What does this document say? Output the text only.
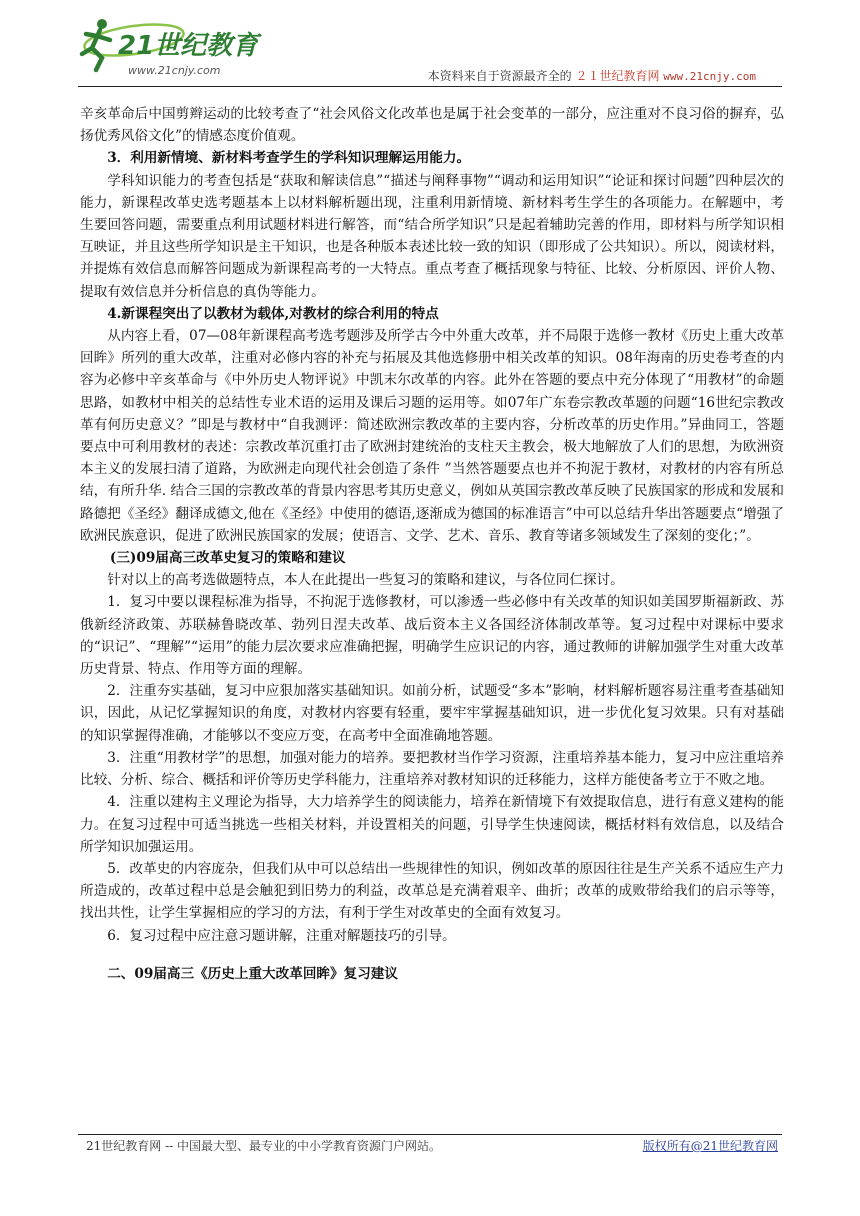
21世纪教育
www.21cnjy.com	本资料来自于资源最齐全的 ２１世纪教育网 www.21cnjy.com

辛亥革命后中国剪辫运动的比较考查了“社会风俗文化改革也是属于社会变革的一部分，应注重对不良习俗的摒弃，弘扬优秀风俗文化”的情感态度价值观。

3．利用新情境、新材料考查学生的学科知识理解运用能力。

学科知识能力的考查包括是“获取和解读信息”“描述与阐释事物”“调动和运用知识”“论证和探讨问题”四种层次的能力，新课程改革史选考题基本上以材料解析题出现，注重利用新情境、新材料考生学生的各项能力。在解题中，考生要回答问题，需要重点利用试题材料进行解答，而“结合所学知识”只是起着辅助完善的作用，即材料与所学知识相互映证，并且这些所学知识是主干知识，也是各种版本表述比较一致的知识（即形成了公共知识）。所以，阅读材料，并提炼有效信息而解答问题成为新课程高考的一大特点。重点考查了概括现象与特征、比较、分析原因、评价人物、提取有效信息并分析信息的真伪等能力。

4.新课程突出了以教材为载体,对教材的综合利用的特点

从内容上看，07—08年新课程高考选考题涉及所学古今中外重大改革，并不局限于选修一教材《历史上重大改革回眸》所列的重大改革，注重对必修内容的补充与拓展及其他选修册中相关改革的知识。08年海南的历史卷考查的内容为必修中辛亥革命与《中外历史人物评说》中凯末尔改革的内容。此外在答题的要点中充分体现了“用教材”的命题思路，如教材中相关的总结性专业术语的运用及课后习题的运用等。如07年广东卷宗教改革题的问题“16世纪宗教改革有何历史意义？”即是与教材中“自我测评：简述欧洲宗教改革的主要内容，分析改革的历史作用。”异曲同工，答题要点中可利用教材的表述：宗教改革沉重打击了欧洲封建统治的支柱天主教会，极大地解放了人们的思想，为欧洲资本主义的发展扫清了道路，为欧洲走向现代社会创造了条件 ”当然答题要点也并不拘泥于教材，对教材的内容有所总结，有所升华. 结合三国的宗教改革的背景内容思考其历史意义，例如从英国宗教改革反映了民族国家的形成和发展和路德把《圣经》翻译成德文,他在《圣经》中使用的德语,逐渐成为德国的标准语言”中可以总结升华出答题要点“增强了欧洲民族意识，促进了欧洲民族国家的发展；使语言、文学、艺术、音乐、教育等诸多领域发生了深刻的变化；”。

(三)09届高三改革史复习的策略和建议

针对以上的高考选做题特点，本人在此提出一些复习的策略和建议，与各位同仁探讨。

1．复习中要以课程标准为指导，不拘泥于选修教材，可以渗透一些必修中有关改革的知识如美国罗斯福新政、苏俄新经济政策、苏联赫鲁晓改革、勃列日涅夫改革、战后资本主义各国经济体制改革等。复习过程中对课标中要求的“识记”、“理解”“运用”的能力层次要求应准确把握，明确学生应识记的内容，通过教师的讲解加强学生对重大改革历史背景、特点、作用等方面的理解。

2．注重夯实基础，复习中应狠加落实基础知识。如前分析，试题受“多本”影响，材料解析题容易注重考查基础知识，因此，从记忆掌握知识的角度，对教材内容要有轻重，要牢牢掌握基础知识，进一步优化复习效果。只有对基础的知识掌握得准确，才能够以不变应万变，在高考中全面准确地答题。

3．注重“用教材学”的思想，加强对能力的培养。要把教材当作学习资源，注重培养基本能力，复习中应注重培养比较、分析、综合、概括和评价等历史学科能力，注重培养对教材知识的迁移能力，这样方能使备考立于不败之地。

4．注重以建构主义理论为指导，大力培养学生的阅读能力，培养在新情境下有效提取信息，进行有意义建构的能力。在复习过程中可适当挑选一些相关材料，并设置相关的问题，引导学生快速阅读，概括材料有效信息，以及结合所学知识加强运用。

5．改革史的内容庞杂，但我们从中可以总结出一些规律性的知识，例如改革的原因往往是生产关系不适应生产力所造成的，改革过程中总是会触犯到旧势力的利益，改革总是充满着艰辛、曲折；改革的成败带给我们的启示等等，找出共性，让学生掌握相应的学习的方法，有利于学生对改革史的全面有效复习。

6．复习过程中应注意习题讲解，注重对解题技巧的引导。

二、09届高三《历史上重大改革回眸》复习建议

21世纪教育网 -- 中国最大型、最专业的中小学教育资源门户网站。	版权所有@21世纪教育网
